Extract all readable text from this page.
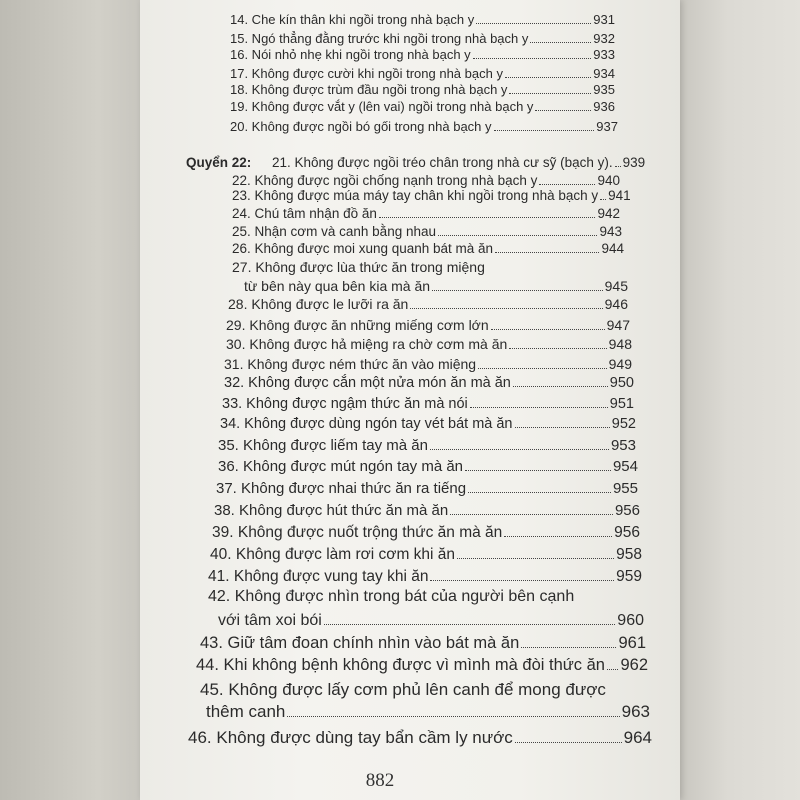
Quyển 22:
14. Che kín thân khi ngồi trong nhà bạch y	931
15. Ngó thẳng đằng trước khi ngồi trong nhà bạch y	932
16. Nói nhỏ nhẹ khi ngồi trong nhà bạch y	933
17. Không được cười khi ngồi trong nhà bạch y	934
18. Không được trùm đầu ngồi trong nhà bạch y	935
19. Không được vắt y (lên vai) ngồi trong nhà bạch y	936
20. Không được ngồi bó gối trong nhà bạch y	937
21. Không được ngồi tréo chân trong nhà cư sỹ (bạch y). 939
22. Không được ngồi chống nạnh trong nhà bạch y	940
23. Không được múa máy tay chân khi ngồi trong nhà bạch y 941
24. Chú tâm nhận đồ ăn	942
25. Nhận cơm và canh bằng nhau	943
26. Không được moi xung quanh bát mà ăn	944
27. Không được lùa thức ăn trong miệng
từ bên này qua bên kia mà ăn	945
28. Không được le lưỡi ra ăn	946
29. Không được ăn những miếng cơm lớn	947
30. Không được hả miệng ra chờ cơm mà ăn	948
31. Không được ném thức ăn vào miệng	949
32. Không được cắn một nửa món ăn mà ăn	950
33. Không được ngậm thức ăn mà nói	951
34. Không được dùng ngón tay vét bát mà ăn	952
35. Không được liếm tay mà ăn	953
36. Không được mút ngón tay mà ăn	954
37. Không được nhai thức ăn ra tiếng	955
38. Không được hút thức ăn mà ăn	956
39. Không được nuốt trộng thức ăn mà ăn	956
40. Không được làm rơi cơm khi ăn	958
41. Không được vung tay khi ăn	959
42. Không được nhìn trong bát của người bên cạnh
với tâm xoi bói	960
43. Giữ tâm đoan chính nhìn vào bát mà ăn	961
44. Khi không bệnh không được vì mình mà đòi thức ăn 962
45. Không được lấy cơm phủ lên canh để mong được
thêm canh	963
46. Không được dùng tay bẩn cầm ly nước	964
882
